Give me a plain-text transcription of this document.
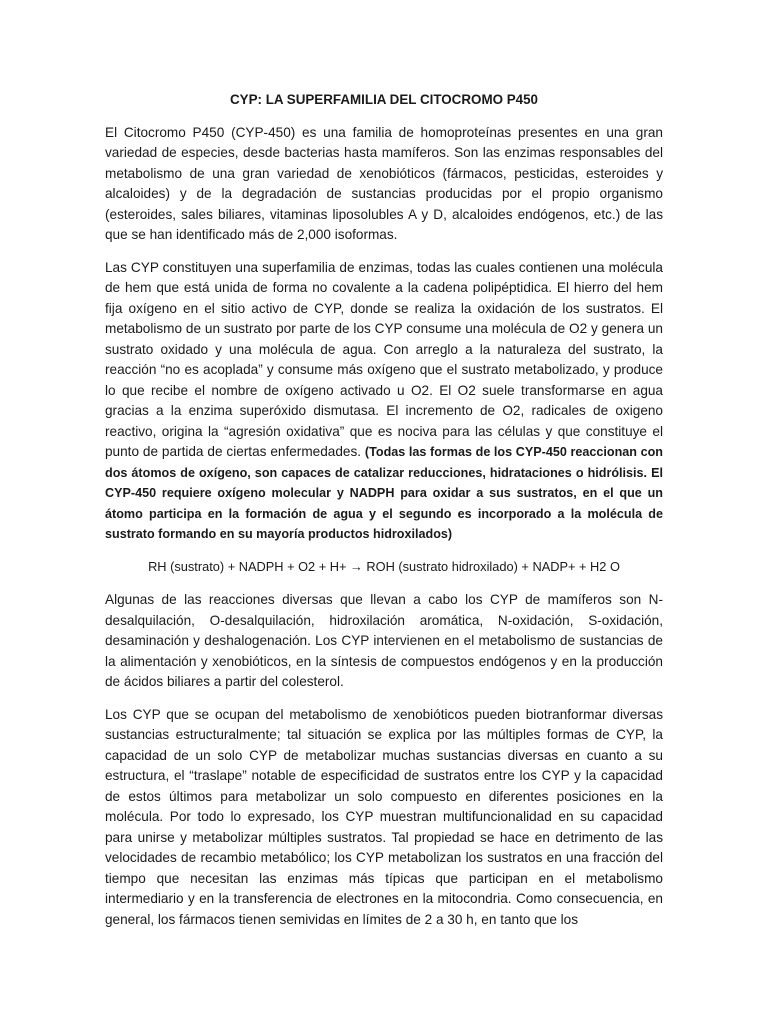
CYP: LA SUPERFAMILIA DEL CITOCROMO P450

El Citocromo P450 (CYP-450) es una familia de homoproteínas presentes en una gran variedad de especies, desde bacterias hasta mamíferos. Son las enzimas responsables del metabolismo de una gran variedad de xenobióticos (fármacos, pesticidas, esteroides y alcaloides) y de la degradación de sustancias producidas por el propio organismo (esteroides, sales biliares, vitaminas liposolubles A y D, alcaloides endógenos, etc.) de las que se han identificado más de 2,000 isoformas.

Las CYP constituyen una superfamilia de enzimas, todas las cuales contienen una molécula de hem que está unida de forma no covalente a la cadena polipéptidica. El hierro del hem fija oxígeno en el sitio activo de CYP, donde se realiza la oxidación de los sustratos. El metabolismo de un sustrato por parte de los CYP consume una molécula de O2 y genera un sustrato oxidado y una molécula de agua. Con arreglo a la naturaleza del sustrato, la reacción “no es acoplada” y consume más oxígeno que el sustrato metabolizado, y produce lo que recibe el nombre de oxígeno activado u O2. El O2 suele transformarse en agua gracias a la enzima superóxido dismutasa. El incremento de O2, radicales de oxigeno reactivo, origina la “agresión oxidativa” que es nociva para las células y que constituye el punto de partida de ciertas enfermedades. (Todas las formas de los CYP-450 reaccionan con dos átomos de oxígeno, son capaces de catalizar reducciones, hidrataciones o hidrólisis. El CYP-450 requiere oxígeno molecular y NADPH para oxidar a sus sustratos, en el que un átomo participa en la formación de agua y el segundo es incorporado a la molécula de sustrato formando en su mayoría productos hidroxilados)

RH (sustrato) + NADPH + O2 + H+ → ROH (sustrato hidroxilado) + NADP+ + H2 O

Algunas de las reacciones diversas que llevan a cabo los CYP de mamíferos son N-desalquilación, O-desalquilación, hidroxilación aromática, N-oxidación, S-oxidación, desaminación y deshalogenación. Los CYP intervienen en el metabolismo de sustancias de la alimentación y xenobióticos, en la síntesis de compuestos endógenos y en la producción de ácidos biliares a partir del colesterol.

Los CYP que se ocupan del metabolismo de xenobióticos pueden biotranformar diversas sustancias estructuralmente; tal situación se explica por las múltiples formas de CYP, la capacidad de un solo CYP de metabolizar muchas sustancias diversas en cuanto a su estructura, el “traslape” notable de especificidad de sustratos entre los CYP y la capacidad de estos últimos para metabolizar un solo compuesto en diferentes posiciones en la molécula. Por todo lo expresado, los CYP muestran multifuncionalidad en su capacidad para unirse y metabolizar múltiples sustratos. Tal propiedad se hace en detrimento de las velocidades de recambio metabólico; los CYP metabolizan los sustratos en una fracción del tiempo que necesitan las enzimas más típicas que participan en el metabolismo intermediario y en la transferencia de electrones en la mitocondria. Como consecuencia, en general, los fármacos tienen semividas en límites de 2 a 30 h, en tanto que los
